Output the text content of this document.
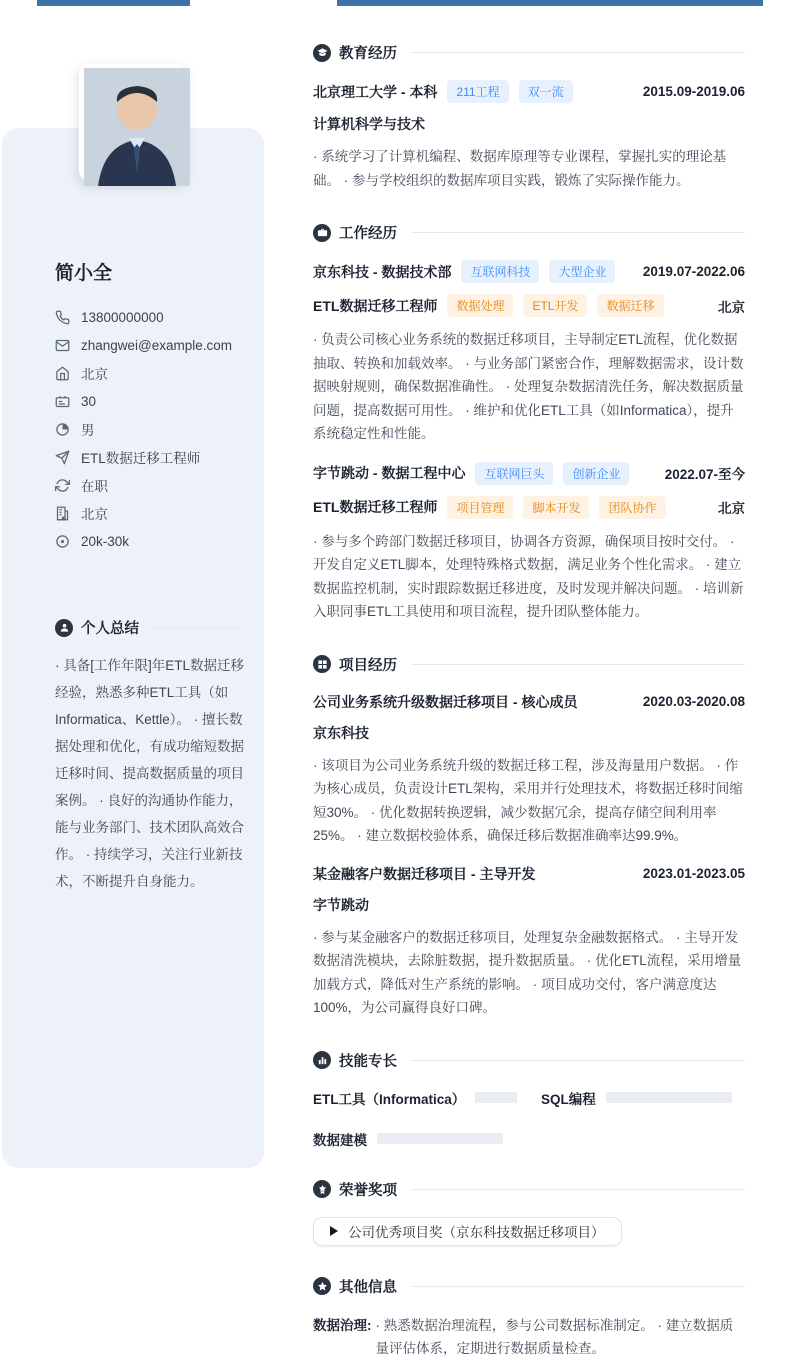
简小全
13800000000
zhangwei@example.com
北京
30
男
ETL数据迁移工程师
在职
北京
20k-30k
个人总结
· 具备[工作年限]年ETL数据迁移经验，熟悉多种ETL工具（如Informatica、Kettle）。 · 擅长数据处理和优化，有成功缩短数据迁移时间、提高数据质量的项目案例。 · 良好的沟通协作能力，能与业务部门、技术团队高效合作。 · 持续学习，关注行业新技术，不断提升自身能力。
教育经历
北京理工大学 - 本科	211工程	双一流	2015.09-2019.06
计算机科学与技术
· 系统学习了计算机编程、数据库原理等专业课程，掌握扎实的理论基础。 · 参与学校组织的数据库项目实践，锻炼了实际操作能力。
工作经历
京东科技 - 数据技术部	互联网科技	大型企业	2019.07-2022.06
ETL数据迁移工程师	数据处理	ETL开发	数据迁移	北京
· 负责公司核心业务系统的数据迁移项目，主导制定ETL流程，优化数据抽取、转换和加载效率。 · 与业务部门紧密合作，理解数据需求，设计数据映射规则，确保数据准确性。 · 处理复杂数据清洗任务，解决数据质量问题，提高数据可用性。 · 维护和优化ETL工具（如Informatica），提升系统稳定性和性能。
字节跳动 - 数据工程中心	互联网巨头	创新企业	2022.07-至今
ETL数据迁移工程师	项目管理	脚本开发	团队协作	北京
· 参与多个跨部门数据迁移项目，协调各方资源，确保项目按时交付。 · 开发自定义ETL脚本，处理特殊格式数据，满足业务个性化需求。 · 建立数据监控机制，实时跟踪数据迁移进度，及时发现并解决问题。 · 培训新入职同事ETL工具使用和项目流程，提升团队整体能力。
项目经历
公司业务系统升级数据迁移项目 - 核心成员	2020.03-2020.08
京东科技
· 该项目为公司业务系统升级的数据迁移工程，涉及海量用户数据。 · 作为核心成员，负责设计ETL架构，采用并行处理技术，将数据迁移时间缩短30%。 · 优化数据转换逻辑，减少数据冗余，提高存储空间利用率25%。 · 建立数据校验体系，确保迁移后数据准确率达99.9%。
某金融客户数据迁移项目 - 主导开发	2023.01-2023.05
字节跳动
· 参与某金融客户的数据迁移项目，处理复杂金融数据格式。 · 主导开发数据清洗模块，去除脏数据，提升数据质量。 · 优化ETL流程，采用增量加载方式，降低对生产系统的影响。 · 项目成功交付，客户满意度达100%，为公司赢得良好口碑。
技能专长
ETL工具（Informatica）	SQL编程
数据建模
荣誉奖项
公司优秀项目奖（京东科技数据迁移项目）
其他信息
数据治理: · 熟悉数据治理流程，参与公司数据标准制定。 · 建立数据质量评估体系，定期进行数据质量检查。
